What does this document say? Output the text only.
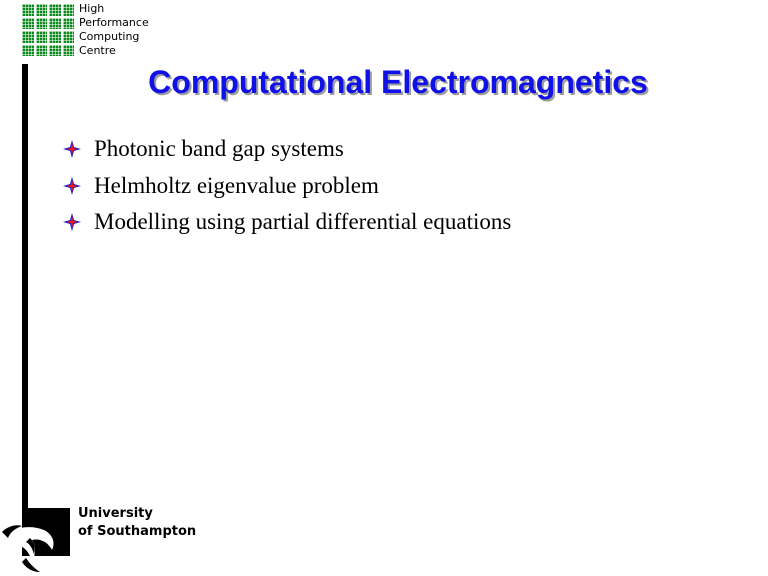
High
Performance
Computing
Centre
Computational Electromagnetics
Photonic band gap systems
Helmholtz eigenvalue problem
Modelling using partial differential equations
University
of Southampton
